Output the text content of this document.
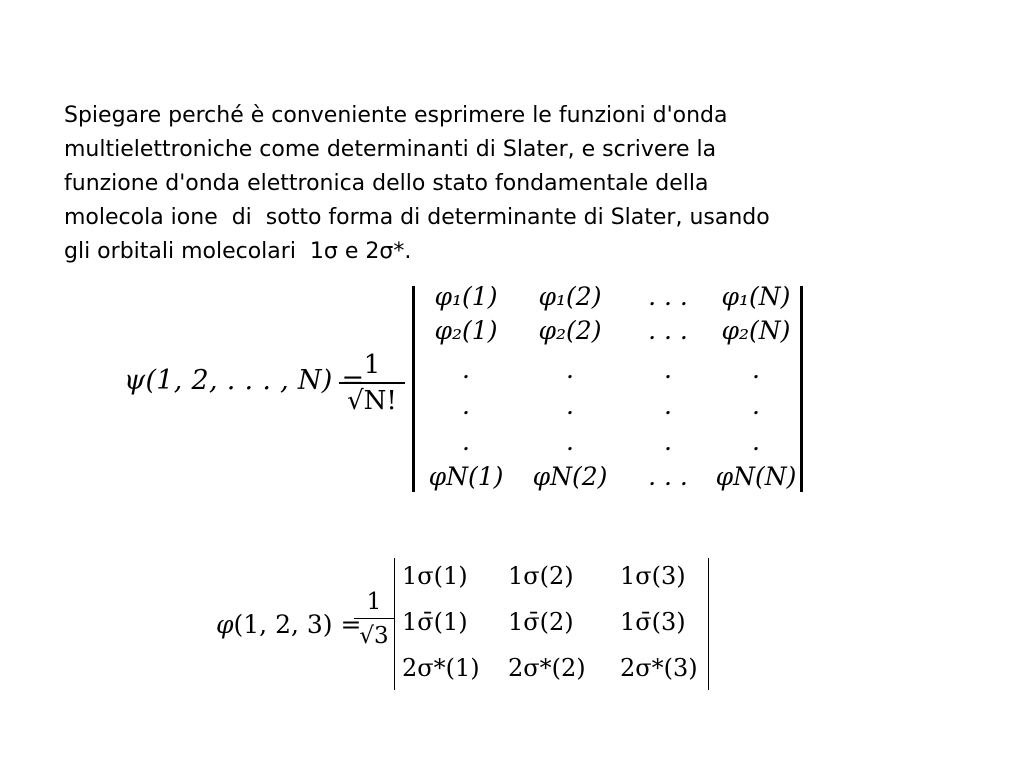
Spiegare perché è conveniente esprimere le funzioni d'onda
multielettroniche come determinanti di Slater, e scrivere la
funzione d'onda elettronica dello stato fondamentale della
molecola ione  di  sotto forma di determinante di Slater, usando
gli orbitali molecolari  1σ e 2σ*.
ψ(1, 2, . . . , N) =
$\frac{1}{√N!}$
φ₁(1)	φ₁(2)	. . .	φ₁(N)
φ₂(1)	φ₂(2)	. . .	φ₂(N)
.	.	.	.
.	.	.	.
.	.	.	.
φN(1)	φN(2)	. . .	φN(N)
φ(1, 2, 3) =
$\frac{1}{√3}$
1σ(1) 1σ(2) 1σ(3)
1σ̄(1) 1σ̄(2) 1σ̄(3)
2σ*(1) 2σ*(2) 2σ*(3)
